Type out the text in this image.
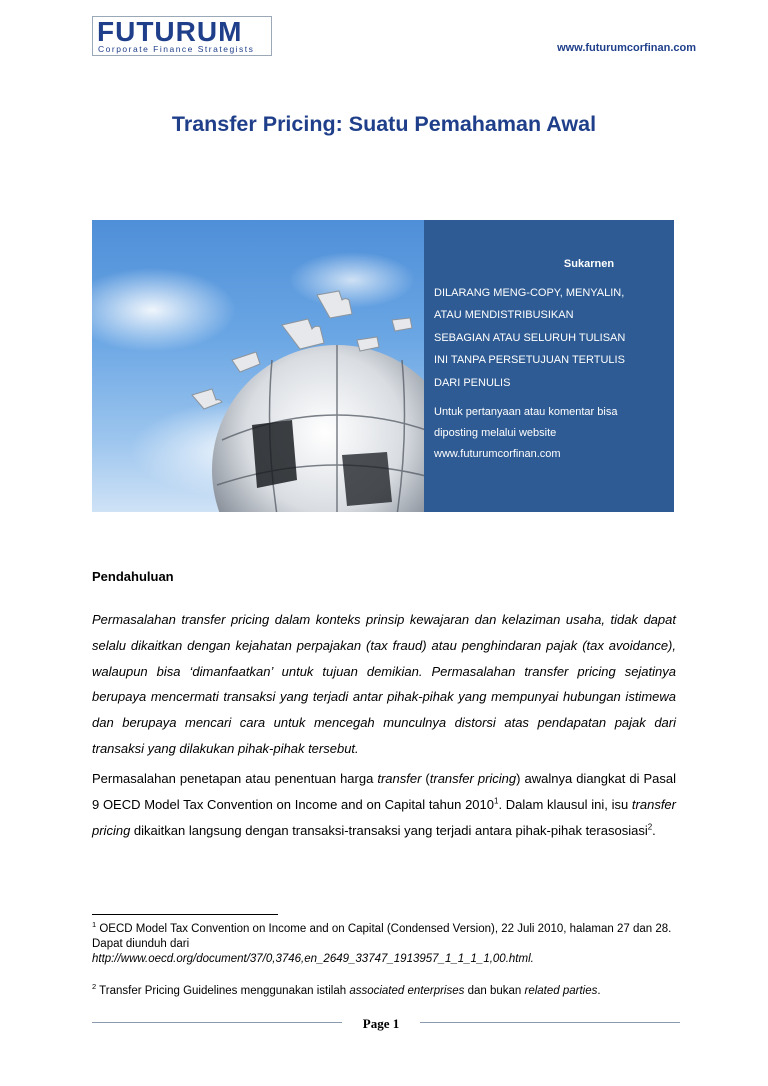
FUTURUM
Corporate Finance Strategists	www.futurumcorfinan.com
Transfer Pricing: Suatu Pemahaman Awal
Sukarnen
DILARANG MENG-COPY, MENYALIN,
ATAU MENDISTRIBUSIKAN
SEBAGIAN ATAU SELURUH TULISAN
INI TANPA PERSETUJUAN TERTULIS
DARI PENULIS
Untuk pertanyaan atau komentar bisa
diposting melalui website
www.futurumcorfinan.com
Pendahuluan
Permasalahan transfer pricing dalam konteks prinsip kewajaran dan kelaziman usaha, tidak dapat selalu dikaitkan dengan kejahatan perpajakan (tax fraud) atau penghindaran pajak (tax avoidance), walaupun bisa ‘dimanfaatkan’ untuk tujuan demikian. Permasalahan transfer pricing sejatinya berupaya mencermati transaksi yang terjadi antar pihak-pihak yang mempunyai hubungan istimewa dan berupaya mencari cara untuk mencegah munculnya distorsi atas pendapatan pajak dari transaksi yang dilakukan pihak-pihak tersebut.
Permasalahan penetapan atau penentuan harga transfer (transfer pricing) awalnya diangkat di Pasal 9 OECD Model Tax Convention on Income and on Capital tahun 2010$^1$. Dalam klausul ini, isu transfer pricing dikaitkan langsung dengan transaksi-transaksi yang terjadi antara pihak-pihak terasosiasi$^2$.
$^1$ OECD Model Tax Convention on Income and on Capital (Condensed Version), 22 Juli 2010, halaman 27 dan 28. Dapat diunduh dari
http://www.oecd.org/document/37/0,3746,en_2649_33747_1913957_1_1_1_1,00.html.
$^2$ Transfer Pricing Guidelines menggunakan istilah associated enterprises dan bukan related parties.
Page 1
